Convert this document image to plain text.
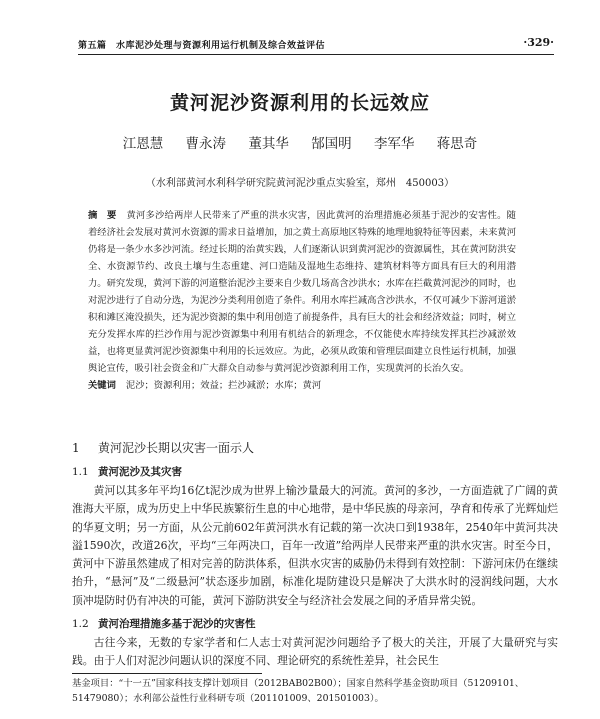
第五篇　水库泥沙处理与资源利用运行机制及综合效益评估	·329·
黄河泥沙资源利用的长远效应
江恩慧 曹永涛 董其华 郜国明 李军华 蒋思奇
（水利部黄河水利科学研究院黄河泥沙重点实验室，郑州　450003）
摘　要 黄河多沙给两岸人民带来了严重的洪水灾害，因此黄河的治理措施必须基于泥沙的安害性。随着经济社会发展对黄河水资源的需求日益增加，加之黄土高原地区特殊的地理地貌特征等因素，未来黄河仍将是一条少水多沙河流。经过长期的治黄实践，人们逐渐认识到黄河泥沙的资源属性，其在黄河防洪安全、水资源节约、改良土壤与生态重建、河口造陆及湿地生态维持、建筑材料等方面具有巨大的利用潜力。研究发现，黄河下游的河道整治泥沙主要来自少数几场高含沙洪水；水库在拦截黄河泥沙的同时，也对泥沙进行了自动分选，为泥沙分类利用创造了条件。利用水库拦减高含沙洪水，不仅可减少下游河道淤积和滩区淹没损失，还为泥沙资源的集中利用创造了前提条件，具有巨大的社会和经济效益；同时，树立充分发挥水库的拦沙作用与泥沙资源集中利用有机结合的新理念，不仅能使水库持续发挥其拦沙减淤效益，也将更显黄河泥沙资源集中利用的长远效应。为此，必须从政策和管理层面建立良性运行机制，加强舆论宣传，吸引社会资金和广大群众自动参与黄河泥沙资源利用工作，实现黄河的长治久安。
关键词 泥沙；资源利用；效益；拦沙减淤；水库；黄河
1 黄河泥沙长期以灾害一面示人
1.1 黄河泥沙及其灾害
黄河以其多年平均16亿t泥沙成为世界上输沙量最大的河流。黄河的多沙，一方面造就了广阔的黄淮海大平原，成为历史上中华民族繁衍生息的中心地带，是中华民族的母亲河，孕育和传承了光辉灿烂的华夏文明；另一方面，从公元前602年黄河洪水有记载的第一次决口到1938年，2540年中黄河共决溢1590次，改道26次，平均“三年两决口，百年一改道”给两岸人民带来严重的洪水灾害。时至今日，黄河中下游虽然建成了相对完善的防洪体系，但洪水灾害的威胁仍未得到有效控制：下游河床仍在继续抬升，“悬河”及“二级悬河”状态逐步加剧，标准化堤防建设只是解决了大洪水时的浸润线问题，大水顶冲堤防时仍有冲决的可能，黄河下游防洪安全与经济社会发展之间的矛盾异常尖锐。
1.2 黄河治理措施多基于泥沙的灾害性
古往今来，无数的专家学者和仁人志士对黄河泥沙问题给予了极大的关注，开展了大量研究与实践。由于人们对泥沙问题认识的深度不同、理论研究的系统性差异，社会民生
基金项目：“十一五”国家科技支撑计划项目（2012BAB02B00）；国家自然科学基金资助项目（51209101、51479080）；水利部公益性行业科研专项（201101009、201501003）。
